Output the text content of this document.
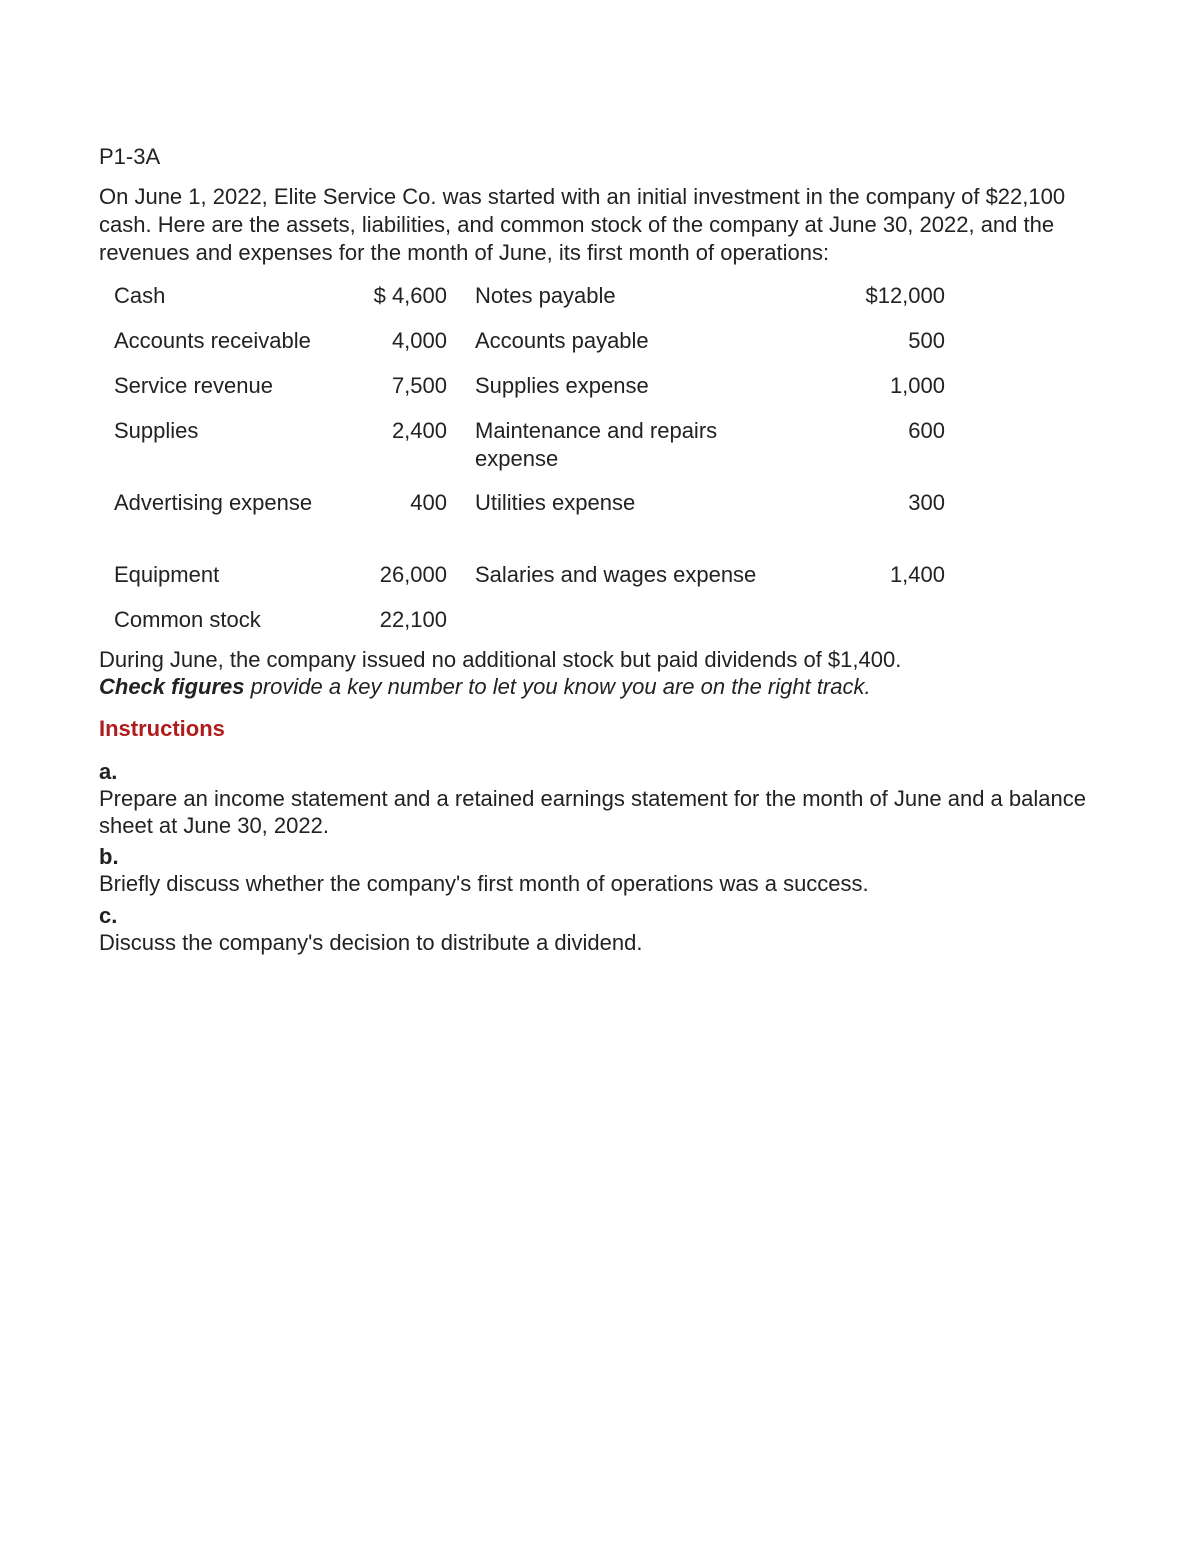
P1-3A

On June 1, 2022, Elite Service Co. was started with an initial investment in the company of $22,100 cash. Here are the assets, liabilities, and common stock of the company at June 30, 2022, and the revenues and expenses for the month of June, its first month of operations:

Cash	$ 4,600	Notes payable	$12,000
Accounts receivable	4,000	Accounts payable	500
Service revenue	7,500	Supplies expense	1,000
Supplies	2,400	Maintenance and repairs expense	600
Advertising expense	400	Utilities expense	300
Equipment	26,000	Salaries and wages expense	1,400
Common stock	22,100		

During June, the company issued no additional stock but paid dividends of $1,400.

Check figures provide a key number to let you know you are on the right track.

Instructions
a.
Prepare an income statement and a retained earnings statement for the month of June and a balance sheet at June 30, 2022.
b.
Briefly discuss whether the company's first month of operations was a success.
c.
Discuss the company's decision to distribute a dividend.
